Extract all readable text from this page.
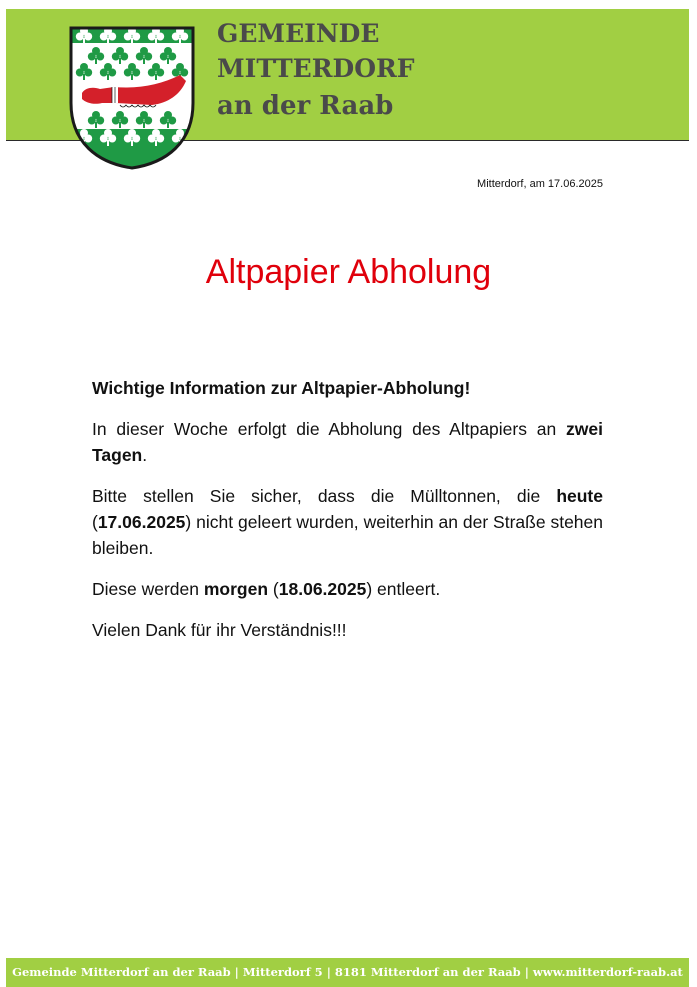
GEMEINDE
MITTERDORF
an der Raab
Mitterdorf, am 17.06.2025
Altpapier Abholung

Wichtige Information zur Altpapier-Abholung!

In dieser Woche erfolgt die Abholung des Altpapiers an zwei Tagen.

Bitte stellen Sie sicher, dass die Mülltonnen, die heute (17.06.2025) nicht geleert wurden, weiterhin an der Straße stehen bleiben.

Diese werden morgen (18.06.2025) entleert.

Vielen Dank für ihr Verständnis!!!

Gemeinde Mitterdorf an der Raab | Mitterdorf 5 | 8181 Mitterdorf an der Raab | www.mitterdorf-raab.at
